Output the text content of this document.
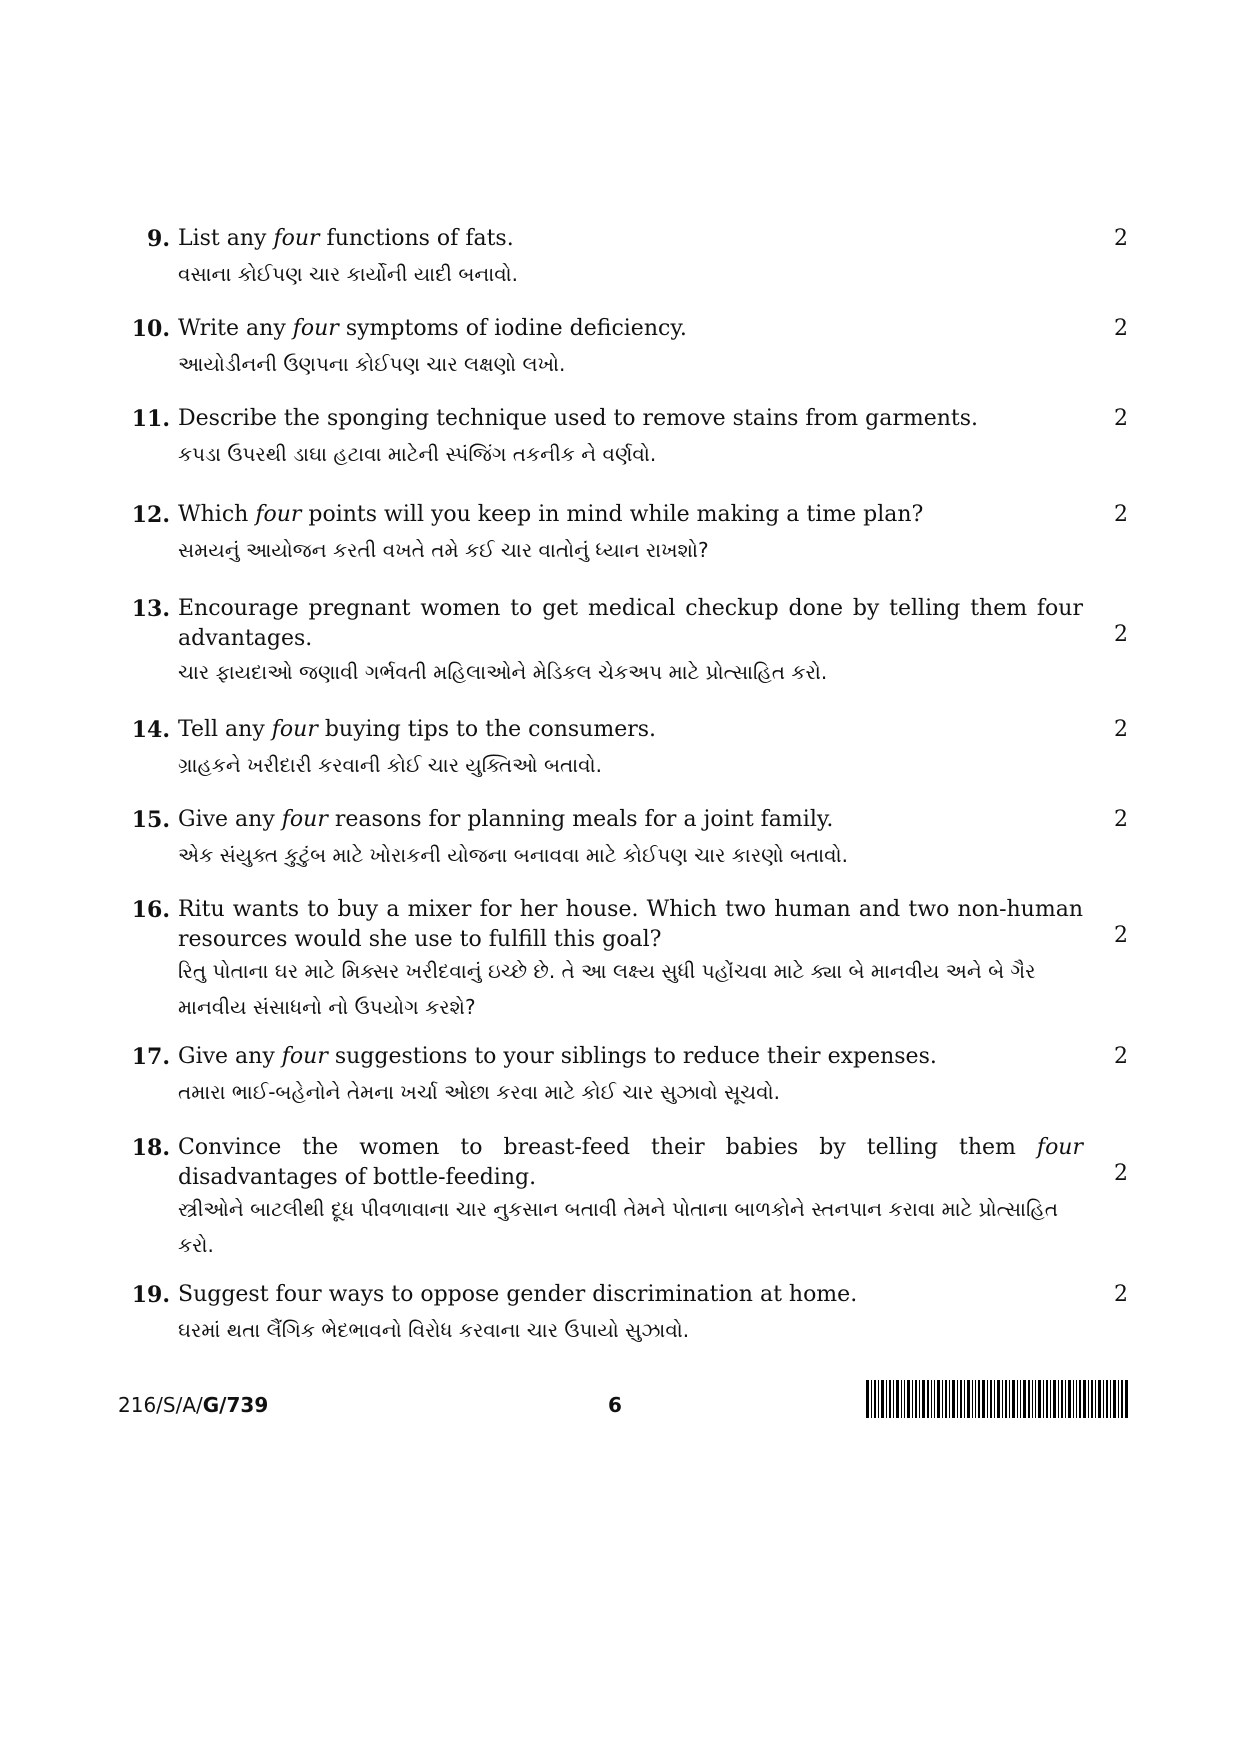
9. List any four functions of fats.
વસાના કોઈપણ ચાર કાર્યોની યાદી બનાવો.
2
10. Write any four symptoms of iodine deficiency.
આયોડીનની ઉણપના કોઈપણ ચાર લક્ષણો લખો.
2
11. Describe the sponging technique used to remove stains from garments.
કપડા ઉપરથી ડાઘા હટાવા માટેની સ્પંજિંગ તકનીક ને વર્ણવો.
2
12. Which four points will you keep in mind while making a time plan?
સમયનું આયોજન કરતી વખતે તમે કઈ ચાર વાતોનું ધ્યાન રાખશો?
2
13. Encourage pregnant women to get medical checkup done by telling them four advantages.
ચાર ફાયદાઓ જણાવી ગર્ભવતી મહિલાઓને મેડિકલ ચેકઅપ માટે પ્રોત્સાહિત કરો.
2
14. Tell any four buying tips to the consumers.
ગ્રાહકને ખરીદારી કરવાની કોઈ ચાર યુક્તિઓ બતાવો.
2
15. Give any four reasons for planning meals for a joint family.
એક સંયુક્ત કુટુંબ માટે ખોરાકની યોજના બનાવવા માટે કોઈપણ ચાર કારણો બતાવો.
2
16. Ritu wants to buy a mixer for her house. Which two human and two non-human resources would she use to fulfill this goal?
રિતુ પોતાના ઘર માટે મિક્સર ખરીદવાનું ઇચ્છે છે. તે આ લક્ષ્ય સુધી પહોંચવા માટે ક્યા બે માનવીય અને બે ગૈર માનવીય સંસાધનો નો ઉપયોગ કરશે?
2
17. Give any four suggestions to your siblings to reduce their expenses.
તમારા ભાઈ-બહેનોને તેમના ખર્ચા ઓછા કરવા માટે કોઈ ચાર સુઝાવો સૂચવો.
2
18. Convince the women to breast-feed their babies by telling them four disadvantages of bottle-feeding.
સ્ત્રીઓને બાટલીથી દૂધ પીવળાવાના ચાર નુકસાન બતાવી તેમને પોતાના બાળકોને સ્તનપાન કરાવા માટે પ્રોત્સાહિત કરો.
2
19. Suggest four ways to oppose gender discrimination at home.
ઘરમાં થતા લૈંગિક ભેદભાવનો વિરોધ કરવાના ચાર ઉપાયો સુઝાવો.
2
216/S/A/G/739	6
